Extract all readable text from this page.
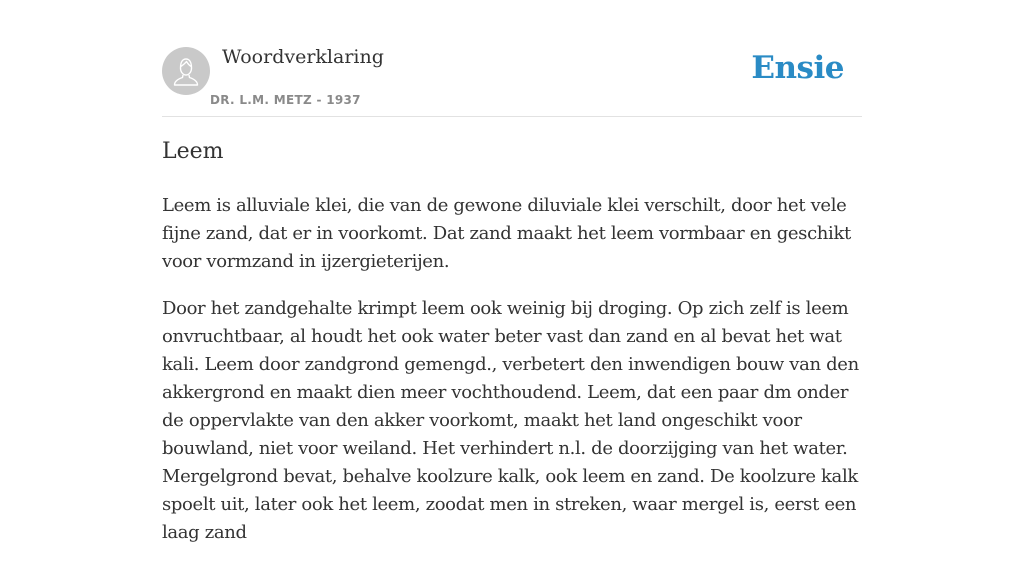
Woordverklaring
DR. L.M. METZ - 1937
Ensie
Leem

Leem is alluviale klei, die van de gewone diluviale klei verschilt, door het vele fijne zand, dat er in voorkomt. Dat zand maakt het leem vormbaar en geschikt voor vormzand in ijzergieterijen.

Door het zandgehalte krimpt leem ook weinig bij droging. Op zich zelf is leem onvruchtbaar, al houdt het ook water beter vast dan zand en al bevat het wat kali. Leem door zandgrond gemengd., verbetert den inwendigen bouw van den akkergrond en maakt dien meer vochthoudend. Leem, dat een paar dm onder de oppervlakte van den akker voorkomt, maakt het land ongeschikt voor bouwland, niet voor weiland. Het verhindert n.l. de doorzijging van het water. Mergelgrond bevat, behalve koolzure kalk, ook leem en zand. De koolzure kalk spoelt uit, later ook het leem, zoodat men in streken, waar mergel is, eerst een laag zand
